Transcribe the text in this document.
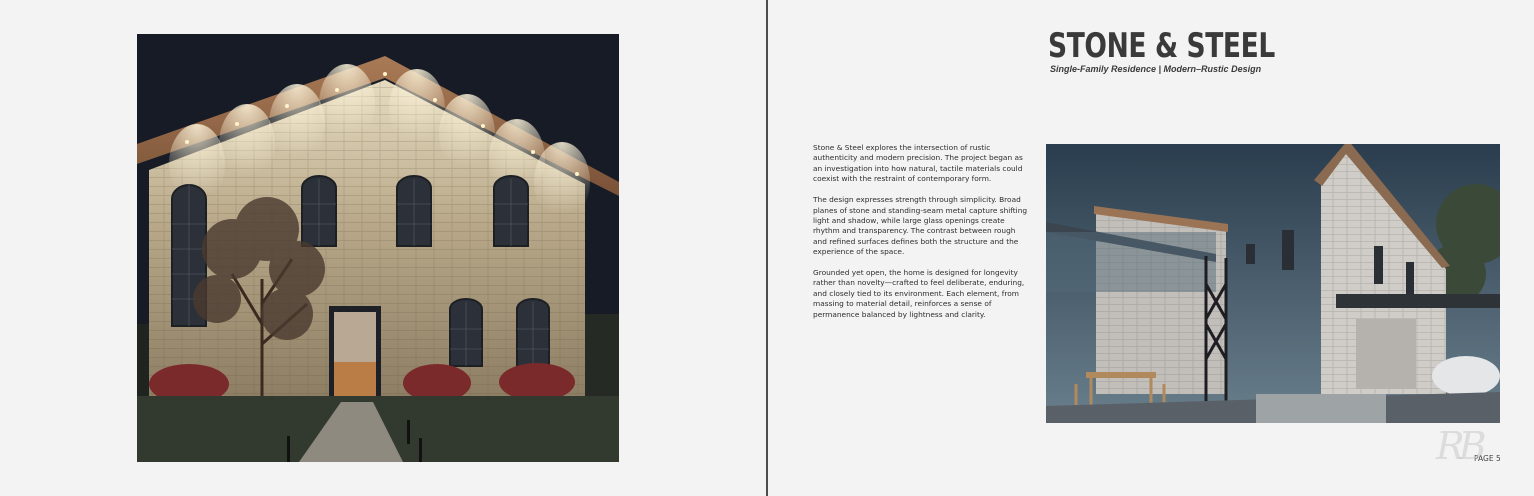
STONE & STEEL
Single-Family Residence | Modern–Rustic Design

Stone & Steel explores the intersection of rustic authenticity and modern precision. The project began as an investigation into how natural, tactile materials could coexist with the restraint of contemporary form.

The design expresses strength through simplicity. Broad planes of stone and standing-seam metal capture shifting light and shadow, while large glass openings create rhythm and transparency. The contrast between rough and refined surfaces defines both the structure and the experience of the space.

Grounded yet open, the home is designed for longevity rather than novelty—crafted to feel deliberate, enduring, and closely tied to its environment. Each element, from massing to material detail, reinforces a sense of permanence balanced by lightness and clarity.

PAGE 5
RB
